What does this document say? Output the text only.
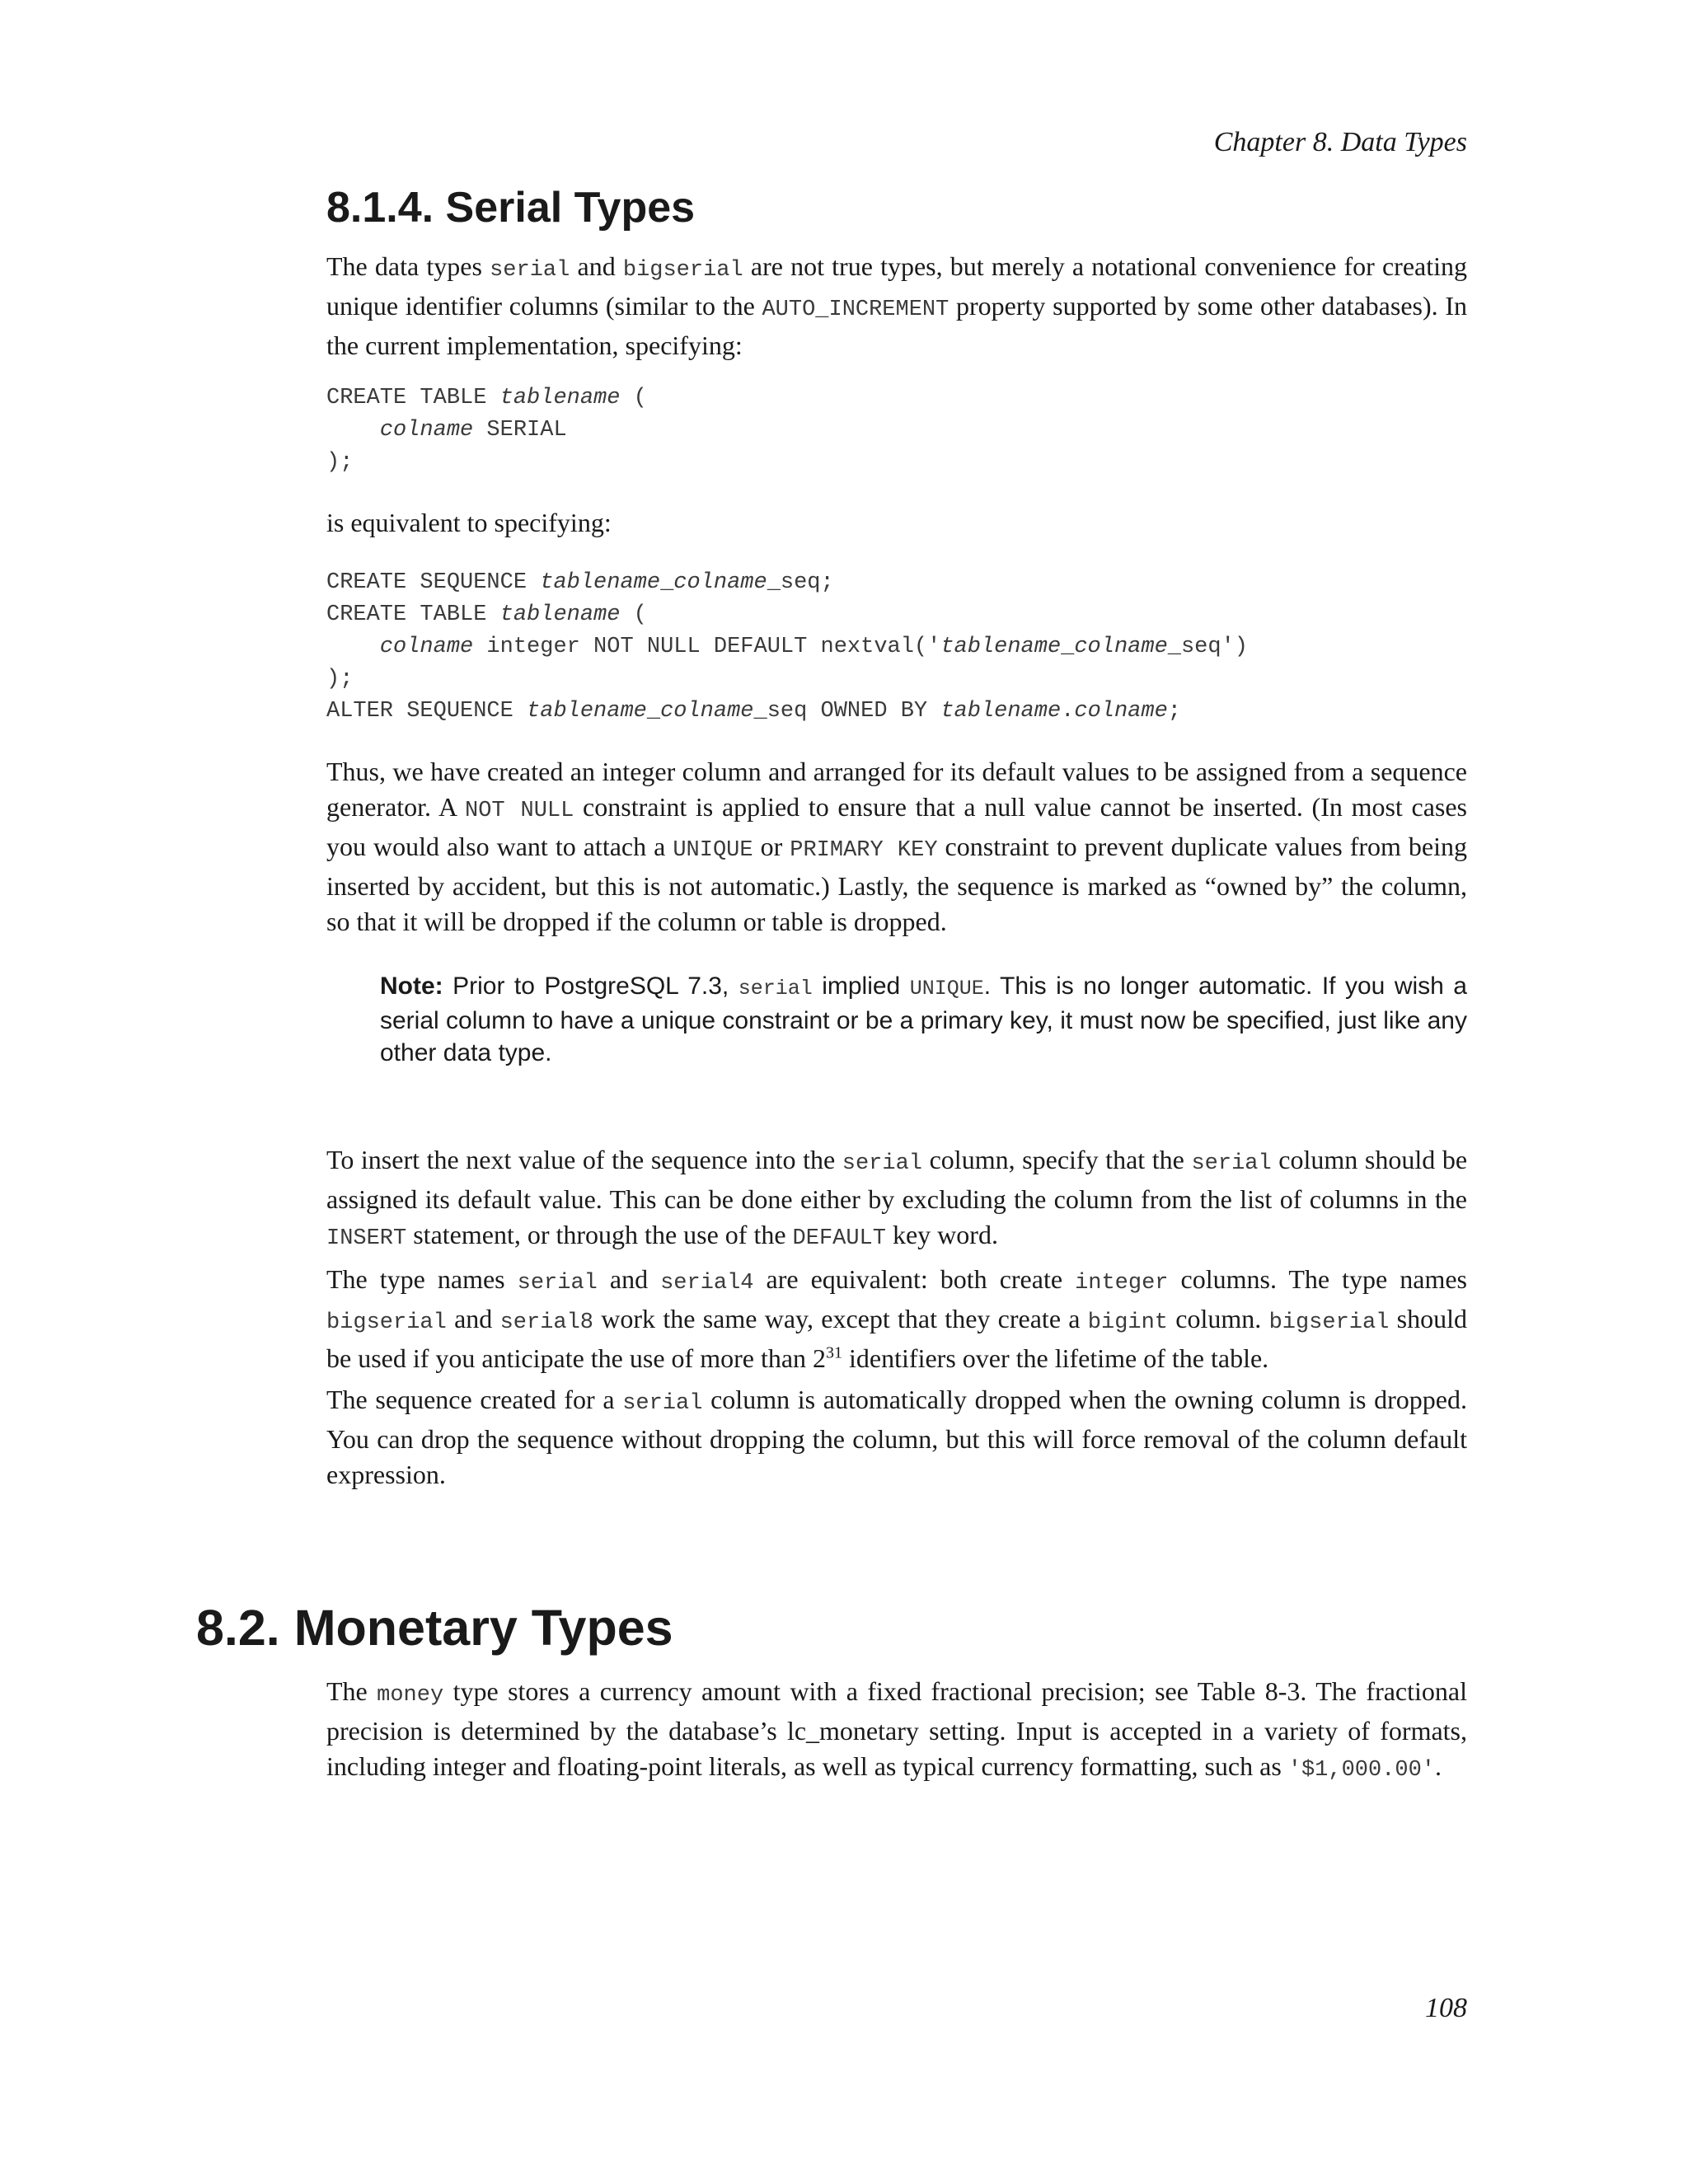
Chapter 8. Data Types
8.1.4. Serial Types

The data types serial and bigserial are not true types, but merely a notational convenience for creating unique identifier columns (similar to the AUTO_INCREMENT property supported by some other databases). In the current implementation, specifying:

CREATE TABLE tablename (
colname SERIAL
);

is equivalent to specifying:

CREATE SEQUENCE tablename_colname_seq;
CREATE TABLE tablename (
colname integer NOT NULL DEFAULT nextval('tablename_colname_seq')
);
ALTER SEQUENCE tablename_colname_seq OWNED BY tablename.colname;

Thus, we have created an integer column and arranged for its default values to be assigned from a sequence generator. A NOT NULL constraint is applied to ensure that a null value cannot be inserted. (In most cases you would also want to attach a UNIQUE or PRIMARY KEY constraint to prevent duplicate values from being inserted by accident, but this is not automatic.) Lastly, the sequence is marked as “owned by” the column, so that it will be dropped if the column or table is dropped.

Note: Prior to PostgreSQL 7.3, serial implied UNIQUE. This is no longer automatic. If you wish a serial column to have a unique constraint or be a primary key, it must now be specified, just like any other data type.

To insert the next value of the sequence into the serial column, specify that the serial column should be assigned its default value. This can be done either by excluding the column from the list of columns in the INSERT statement, or through the use of the DEFAULT key word.

The type names serial and serial4 are equivalent: both create integer columns. The type names bigserial and serial8 work the same way, except that they create a bigint column. bigserial should be used if you anticipate the use of more than $2^{31}$ identifiers over the lifetime of the table.

The sequence created for a serial column is automatically dropped when the owning column is dropped. You can drop the sequence without dropping the column, but this will force removal of the column default expression.

8.2. Monetary Types

The money type stores a currency amount with a fixed fractional precision; see Table 8-3. The fractional precision is determined by the database’s lc_monetary setting. Input is accepted in a variety of formats, including integer and floating-point literals, as well as typical currency formatting, such as '$1,000.00'.

108
